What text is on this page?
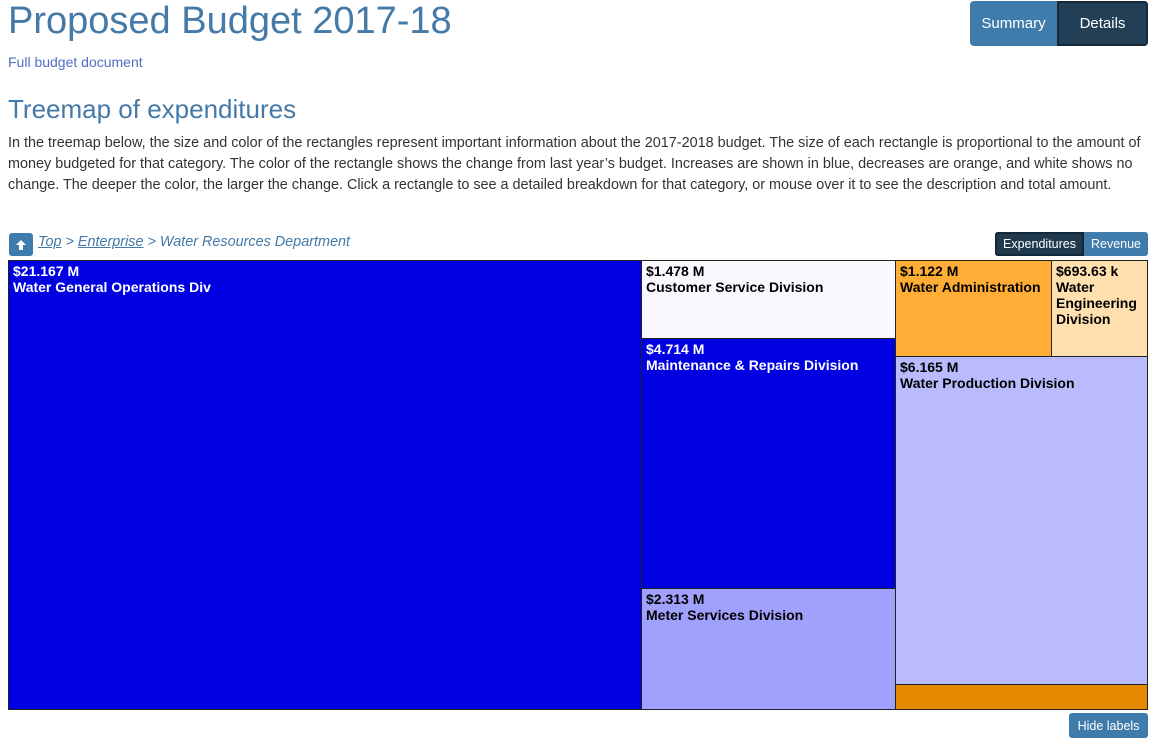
Proposed Budget 2017-18	Summary	Details
Full budget document
Treemap of expenditures

In the treemap below, the size and color of the rectangles represent important information about the 2017-2018 budget. The size of each rectangle is proportional to the amount of money budgeted for that category. The color of the rectangle shows the change from last year’s budget. Increases are shown in blue, decreases are orange, and white shows no change. The deeper the color, the larger the change. Click a rectangle to see a detailed breakdown for that category, or mouse over it to see the description and total amount.

Top > Enterprise > Water Resources Department	Expenditures	Revenue
$21.167 M
Water General Operations Div
$1.478 M
Customer Service Division
$4.714 M
Maintenance & Repairs Division
$2.313 M
Meter Services Division
$1.122 M
Water Administration
$693.63 k
Water Engineering Division
$6.165 M
Water Production Division
Hide labels
